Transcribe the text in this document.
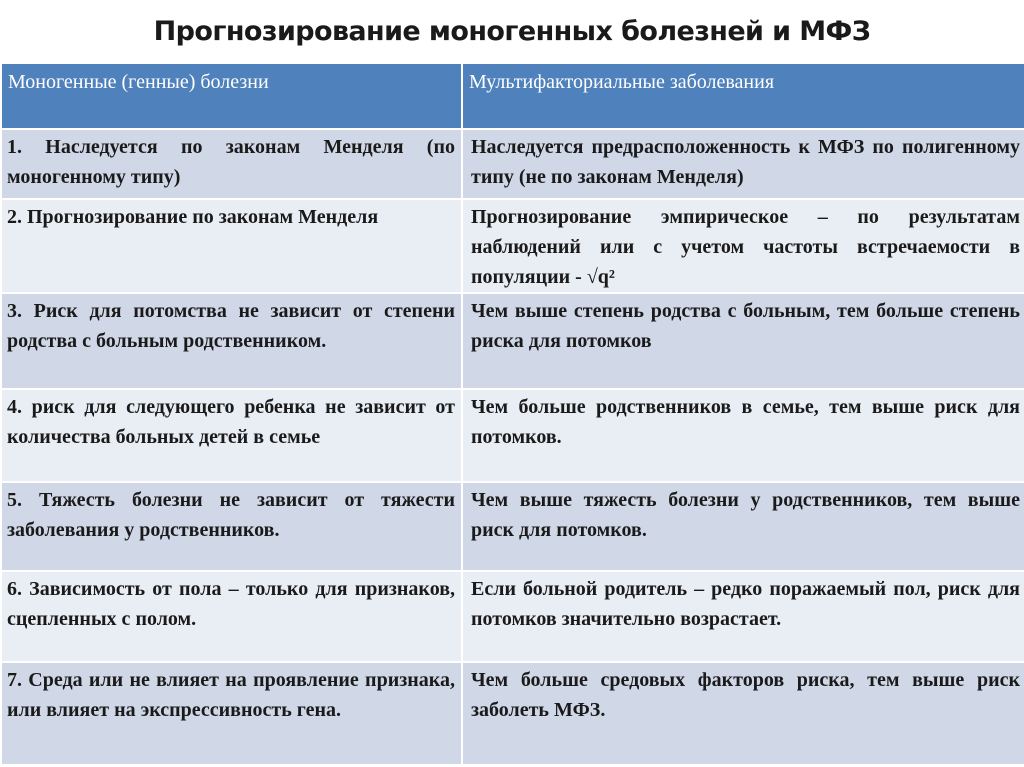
Прогнозирование моногенных болезней и МФЗ
Моногенные (генные) болезни	Мультифакториальные заболевания
1. Наследуется по законам Менделя (по моногенному типу)	Наследуется предрасположенность к МФЗ по полигенному типу (не по законам Менделя)
2. Прогнозирование по законам Менделя	Прогнозирование эмпирическое – по результатам наблюдений или с учетом частоты встречаемости в популяции - √q²
3. Риск для потомства не зависит от степени родства с больным родственником.	Чем выше степень родства с больным, тем больше степень риска для потомков
4. риск для следующего ребенка не зависит от количества больных детей в семье	Чем больше родственников в семье, тем выше риск для потомков.
5. Тяжесть болезни не зависит от тяжести заболевания у родственников.	Чем выше тяжесть болезни у родственников, тем выше риск для потомков.
6. Зависимость от пола – только для признаков, сцепленных с полом.	Если больной родитель – редко поражаемый пол, риск для потомков значительно возрастает.
7. Среда или не влияет на проявление признака, или влияет на экспрессивность гена.	Чем больше средовых факторов риска, тем выше риск заболеть МФЗ.
